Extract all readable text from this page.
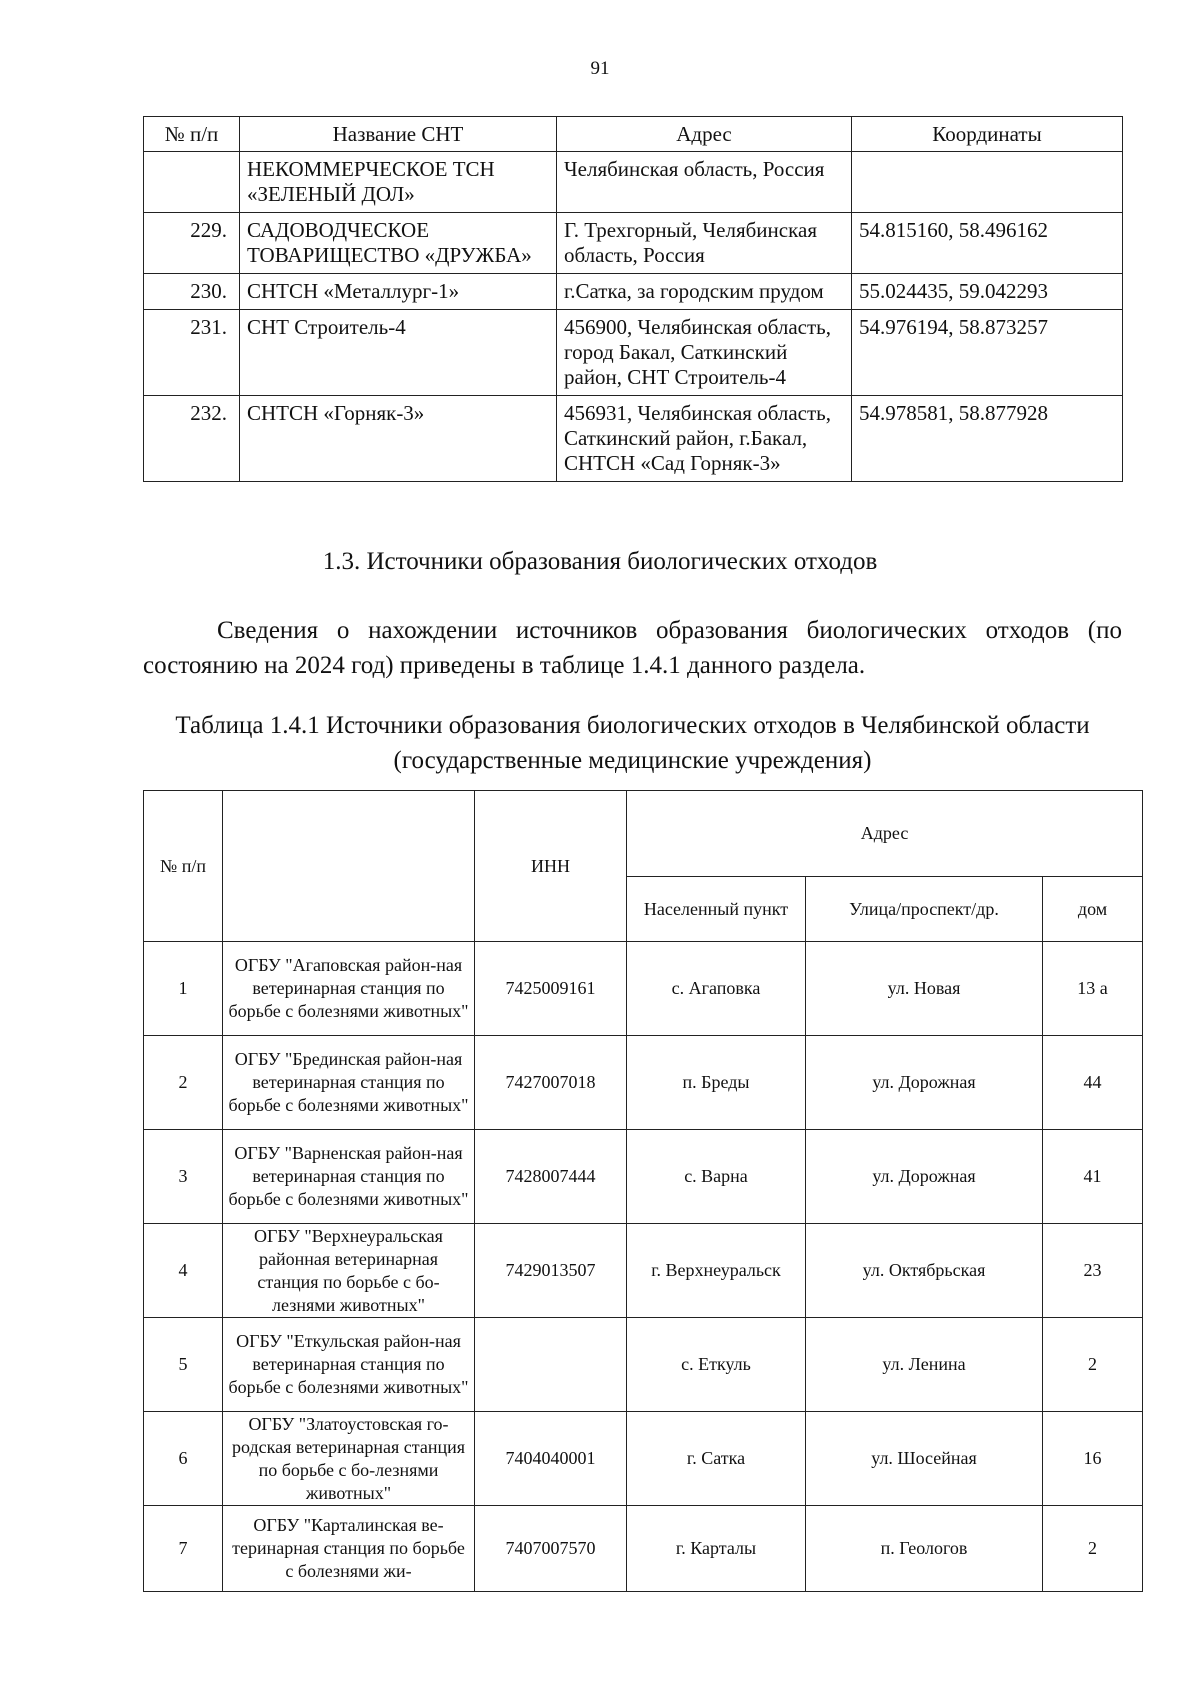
91
№ п/п	Название СНТ	Адрес	Координаты
	НЕКОММЕРЧЕСКОЕ ТСН «ЗЕЛЕНЫЙ ДОЛ»	Челябинская область, Россия	
229.	САДОВОДЧЕСКОЕ ТОВАРИЩЕСТВО «ДРУЖБА»	Г. Трехгорный, Челябинская область, Россия	54.815160, 58.496162
230.	СНТСН «Металлург-1»	г.Сатка, за городским прудом	55.024435, 59.042293
231.	СНТ Строитель-4	456900, Челябинская область, город Бакал, Саткинский район, СНТ Строитель-4	54.976194, 58.873257
232.	СНТСН «Горняк-3»	456931, Челябинская область, Саткинский район, г.Бакал, СНТСН «Сад Горняк-3»	54.978581, 58.877928
1.3. Источники образования биологических отходов
Сведения о нахождении источников образования биологических отходов (по состоянию на 2024 год) приведены в таблице 1.4.1 данного раздела.
Таблица 1.4.1 Источники образования биологических отходов в Челябинской области (государственные медицинские учреждения)
№ п/п		ИНН	Адрес		
			Населенный пункт	Улица/проспект/др.	дом
1	ОГБУ "Агаповская район-ная ветеринарная станция по борьбе с болезнями животных"	7425009161	с. Агаповка	ул. Новая	13 а
2	ОГБУ "Брединская район-ная ветеринарная станция по борьбе с болезнями животных"	7427007018	п. Бреды	ул. Дорожная	44
3	ОГБУ "Варненская район-ная ветеринарная станция по борьбе с болезнями животных"	7428007444	с. Варна	ул. Дорожная	41
4	ОГБУ "Верхнеуральская районная ветеринарная станция по борьбе с бо-лезнями животных"	7429013507	г. Верхнеуральск	ул. Октябрьская	23
5	ОГБУ "Еткульская район-ная ветеринарная станция по борьбе с болезнями животных"		с. Еткуль	ул. Ленина	2
6	ОГБУ "Златоустовская го-родская ветеринарная станция по борьбе с бо-лезнями животных"	7404040001	г. Сатка	ул. Шосейная	16
7	ОГБУ "Карталинская ве-теринарная станция по борьбе с болезнями жи-	7407007570	г. Карталы	п. Геологов	2
